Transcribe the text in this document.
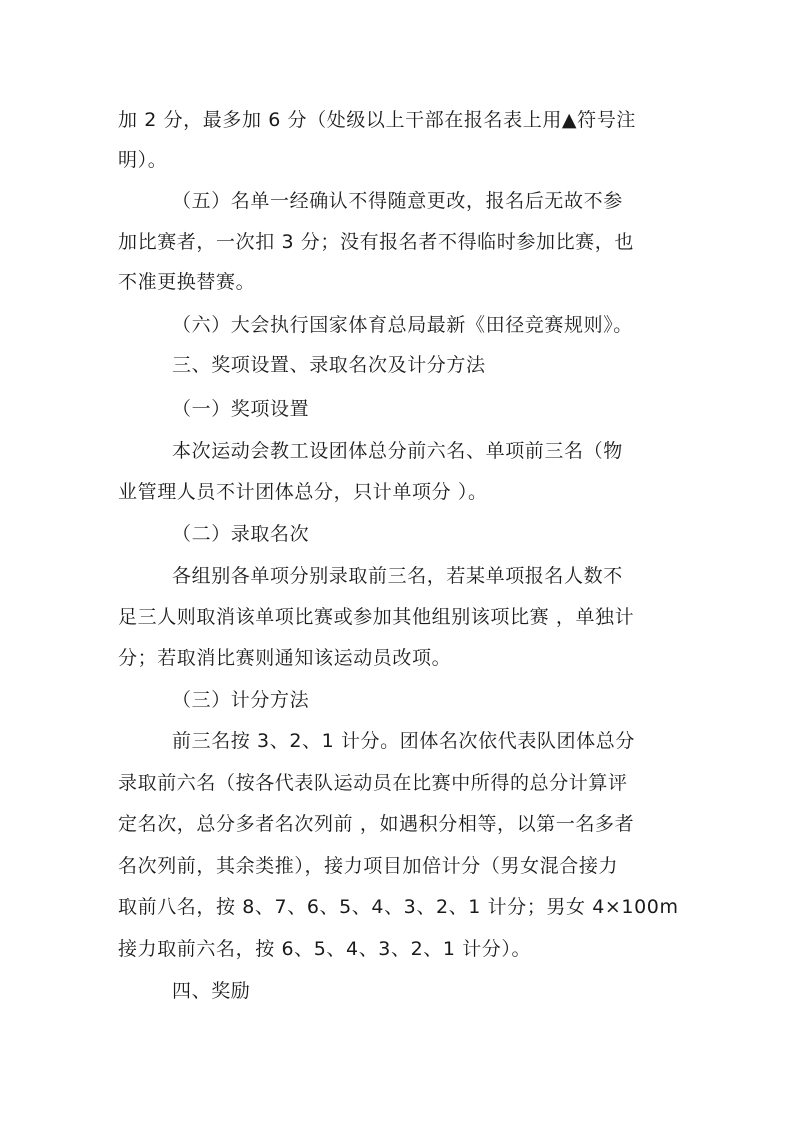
加 2 分，最多加 6 分（处级以上干部在报名表上用▲符号注
明）。
（五）名单一经确认不得随意更改，报名后无故不参
加比赛者，一次扣 3 分；没有报名者不得临时参加比赛，也
不准更换替赛。
（六）大会执行国家体育总局最新《田径竞赛规则》。
三、奖项设置、录取名次及计分方法
（一）奖项设置
本次运动会教工设团体总分前六名、单项前三名（物
业管理人员不计团体总分，只计单项分 ）。
（二）录取名次
各组别各单项分别录取前三名，若某单项报名人数不
足三人则取消该单项比赛或参加其他组别该项比赛 ，单独计
分；若取消比赛则通知该运动员改项。
（三）计分方法
前三名按 3、2、1 计分。团体名次依代表队团体总分
录取前六名（按各代表队运动员在比赛中所得的总分计算评
定名次，总分多者名次列前 ，如遇积分相等，以第一名多者
名次列前，其余类推），接力项目加倍计分（男女混合接力
取前八名，按 8、7、6、5、4、3、2、1 计分；男女 4×100m
接力取前六名，按 6、5、4、3、2、1 计分）。
四、奖励
